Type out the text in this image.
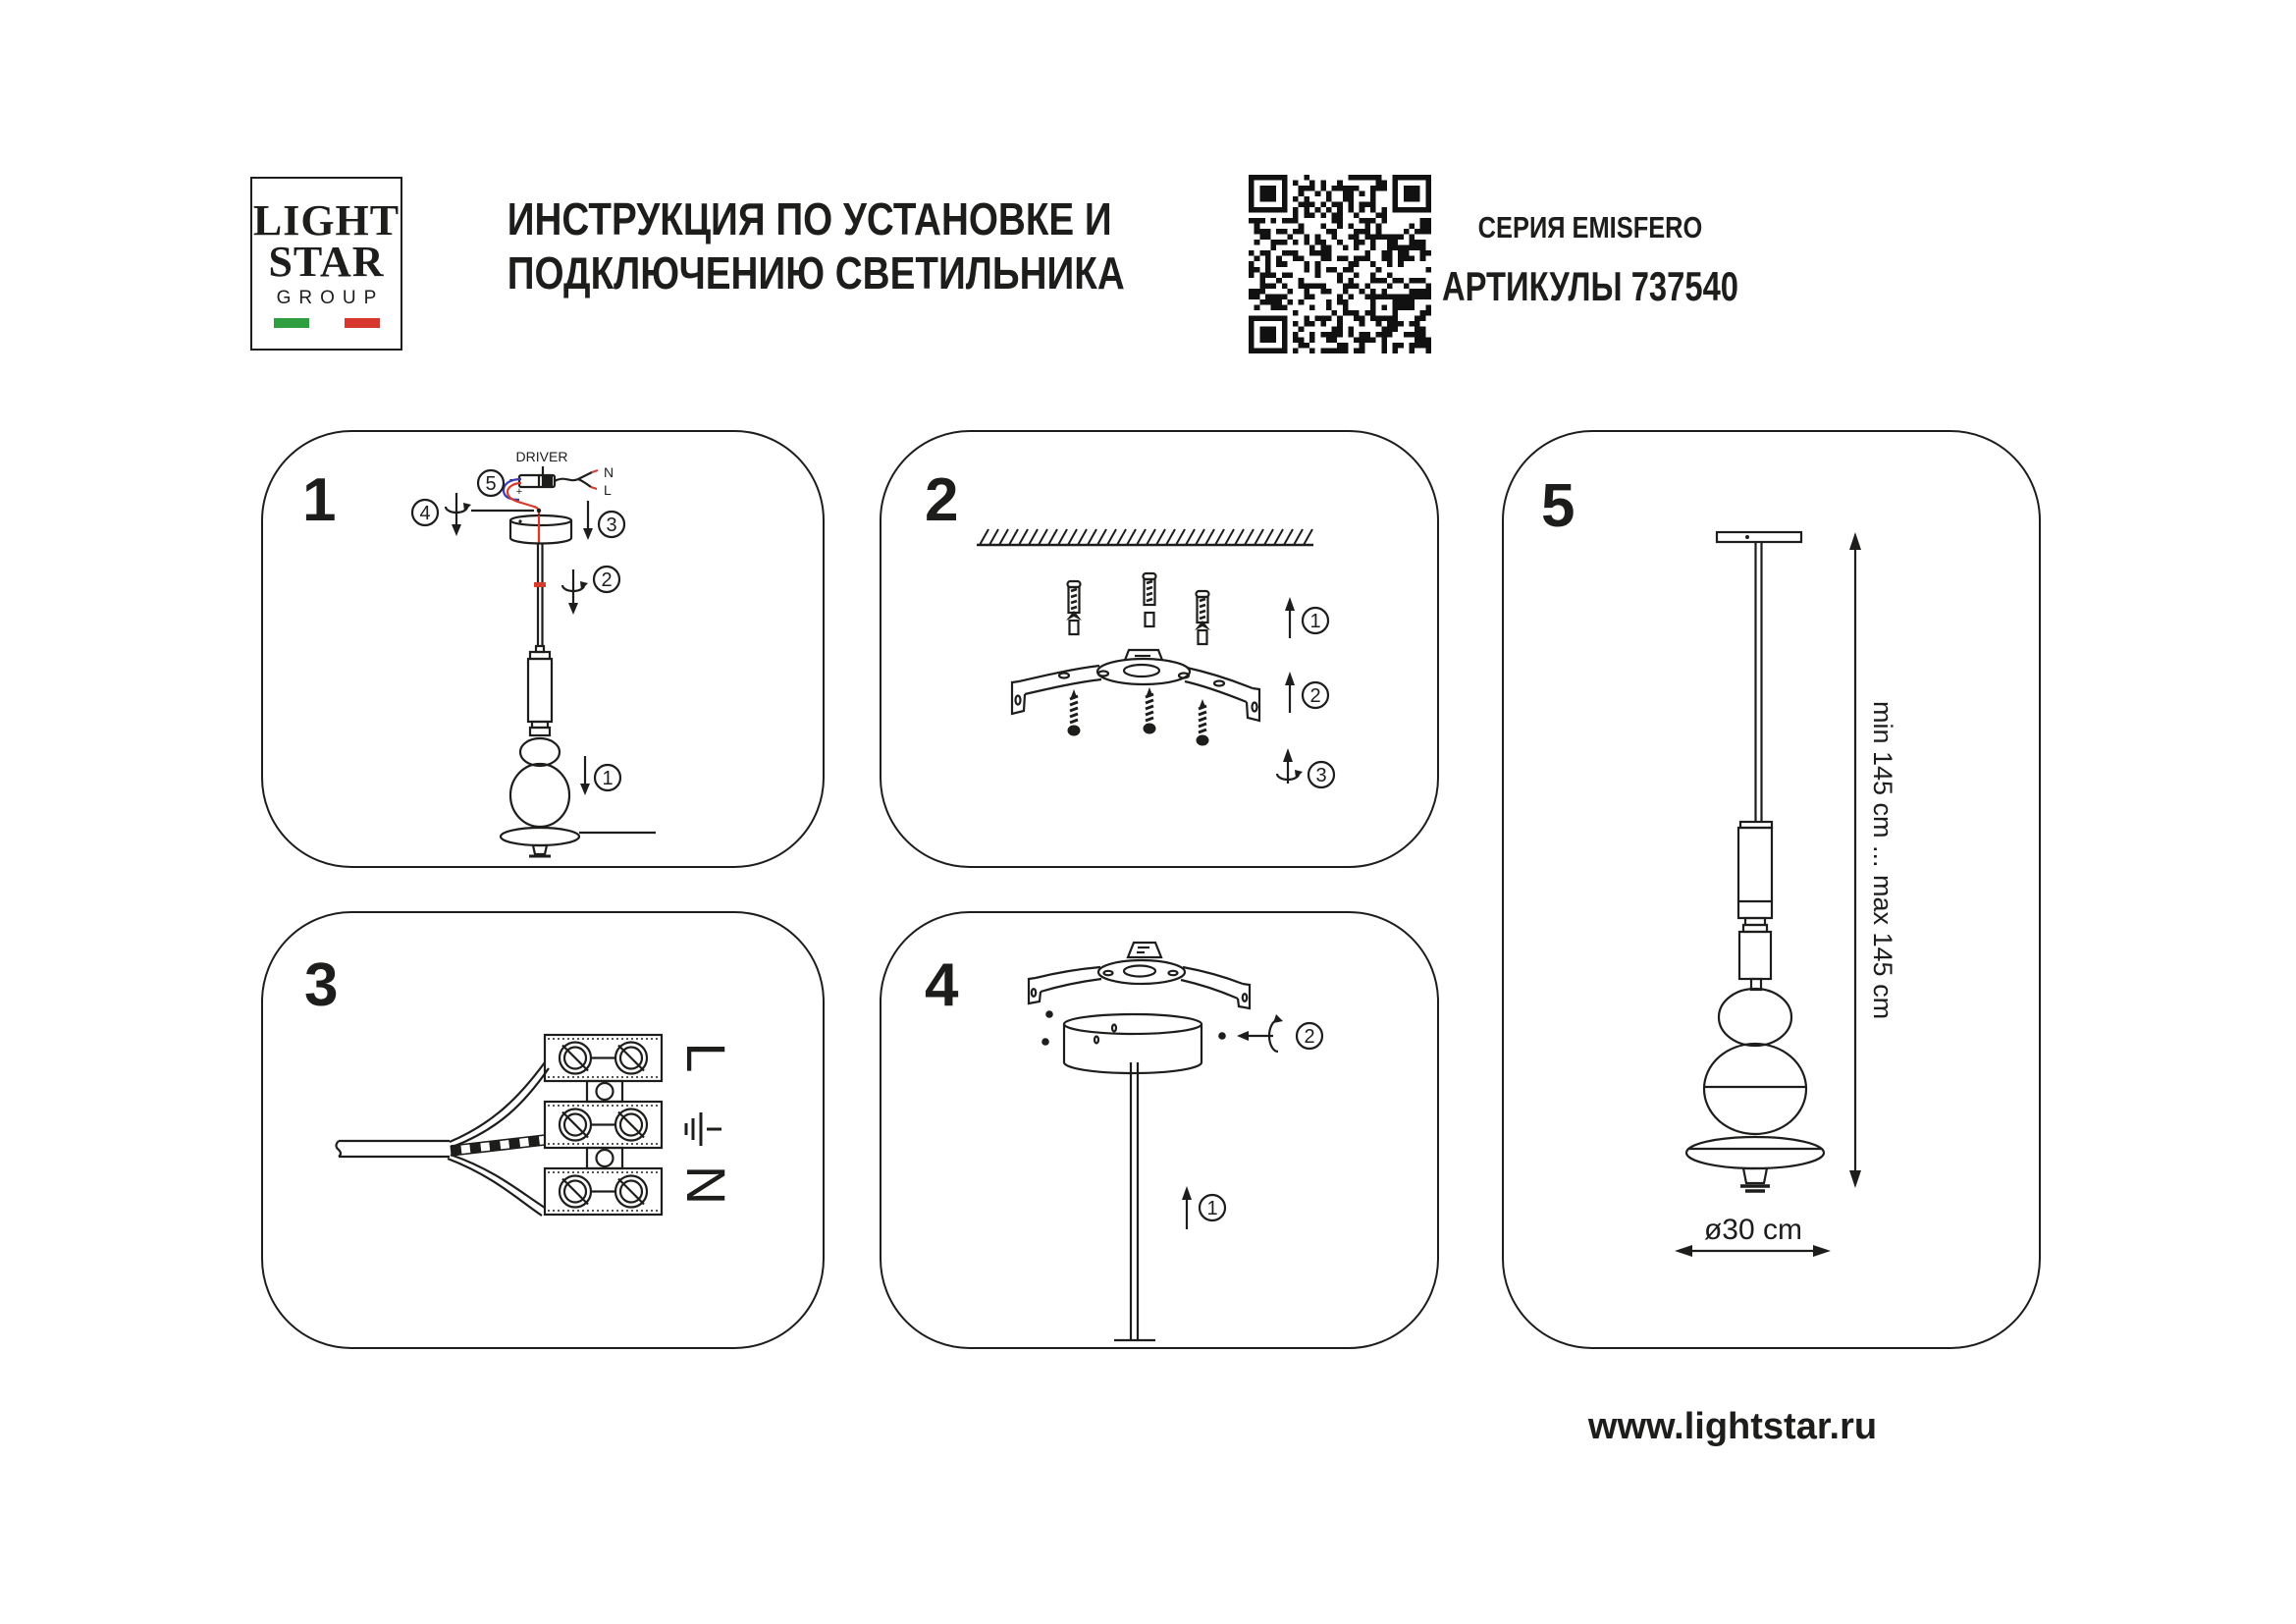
LIGHT
STAR
GROUP
ИНСТРУКЦИЯ ПО УСТАНОВКЕ И
ПОДКЛЮЧЕНИЮ СВЕТИЛЬНИКА
СЕРИЯ EMISFERO
АРТИКУЛЫ 737540
1
DRIVER
-
+
N
L
5
4
3
2
1
2
1
2
3
3
L
N
4
2
1
5
min 145 cm ... max 145 cm
ø30 cm
www.lightstar.ru
